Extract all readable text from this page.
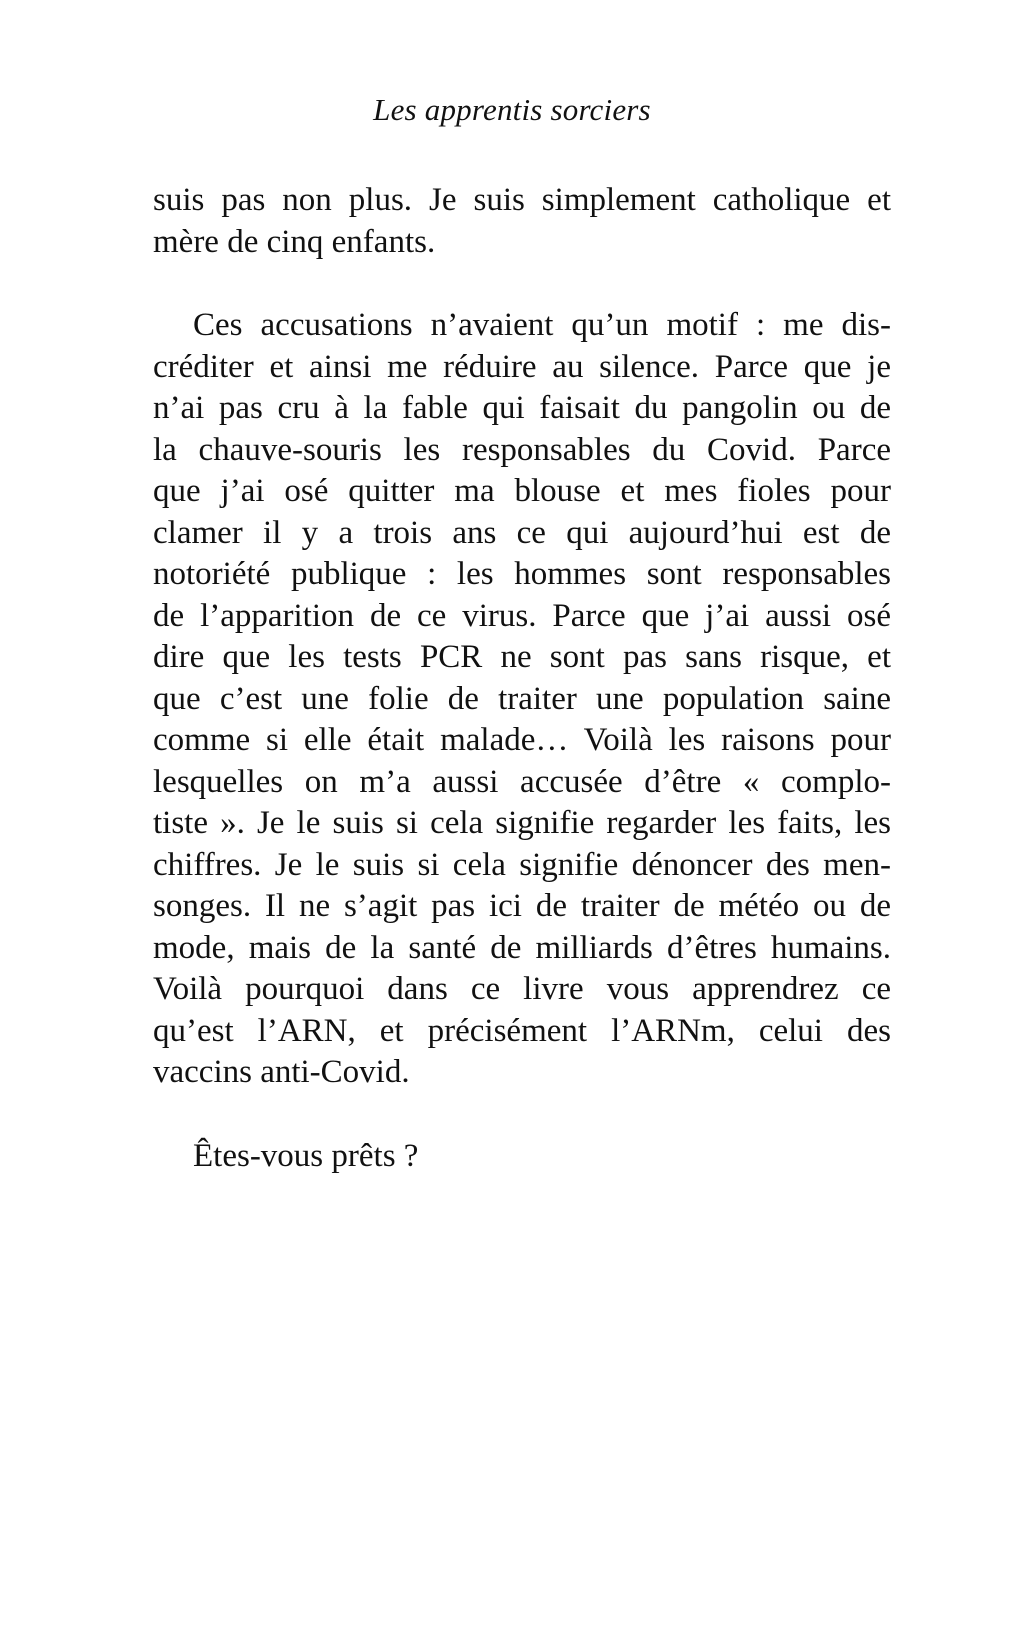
Les apprentis sorciers

suis pas non plus. Je suis simplement catholique et
mère de cinq enfants.

Ces accusations n’avaient qu’un motif : me dis-
créditer et ainsi me réduire au silence. Parce que je
n’ai pas cru à la fable qui faisait du pangolin ou de
la chauve-souris les responsables du Covid. Parce
que j’ai osé quitter ma blouse et mes fioles pour
clamer il y a trois ans ce qui aujourd’hui est de
notoriété publique : les hommes sont responsables
de l’apparition de ce virus. Parce que j’ai aussi osé
dire que les tests PCR ne sont pas sans risque, et
que c’est une folie de traiter une population saine
comme si elle était malade… Voilà les raisons pour
lesquelles on m’a aussi accusée d’être « complo-
tiste ». Je le suis si cela signifie regarder les faits, les
chiffres. Je le suis si cela signifie dénoncer des men-
songes. Il ne s’agit pas ici de traiter de météo ou de
mode, mais de la santé de milliards d’êtres humains.
Voilà pourquoi dans ce livre vous apprendrez ce
qu’est l’ARN, et précisément l’ARNm, celui des
vaccins anti-Covid.

Êtes-vous prêts ?
